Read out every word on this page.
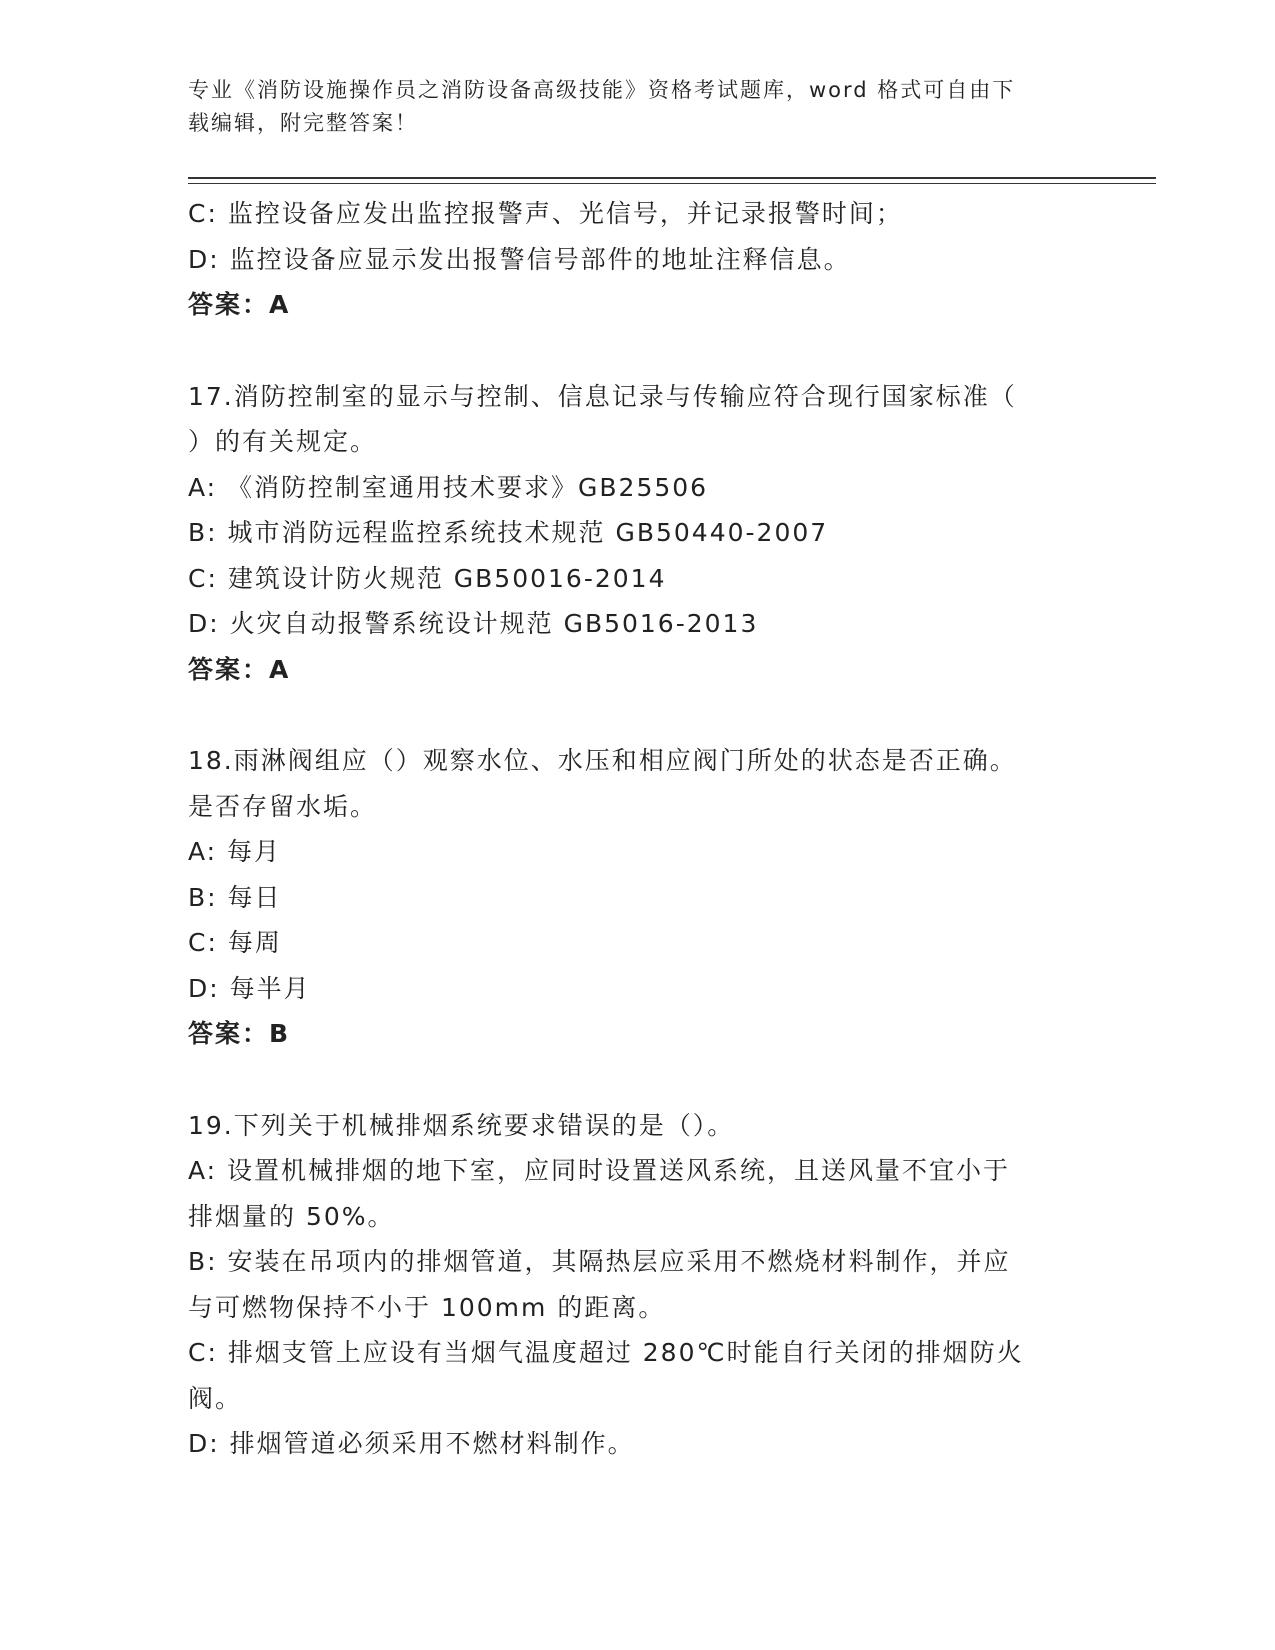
专业《消防设施操作员之消防设备高级技能》资格考试题库，word 格式可自由下
载编辑，附完整答案！
C: 监控设备应发出监控报警声、光信号，并记录报警时间；
D: 监控设备应显示发出报警信号部件的地址注释信息。
答案：A
17.消防控制室的显示与控制、信息记录与传输应符合现行国家标准（
）的有关规定。
A: 《消防控制室通用技术要求》GB25506
B: 城市消防远程监控系统技术规范 GB50440-2007
C: 建筑设计防火规范 GB50016-2014
D: 火灾自动报警系统设计规范 GB5016-2013
答案：A
18.雨淋阀组应（）观察水位、水压和相应阀门所处的状态是否正确。
是否存留水垢。
A: 每月
B: 每日
C: 每周
D: 每半月
答案：B
19.下列关于机械排烟系统要求错误的是（）。
A: 设置机械排烟的地下室，应同时设置送风系统，且送风量不宜小于
排烟量的 50%。
B: 安装在吊项内的排烟管道，其隔热层应采用不燃烧材料制作，并应
与可燃物保持不小于 100mm 的距离。
C: 排烟支管上应设有当烟气温度超过 280℃时能自行关闭的排烟防火
阀。
D: 排烟管道必须采用不燃材料制作。
